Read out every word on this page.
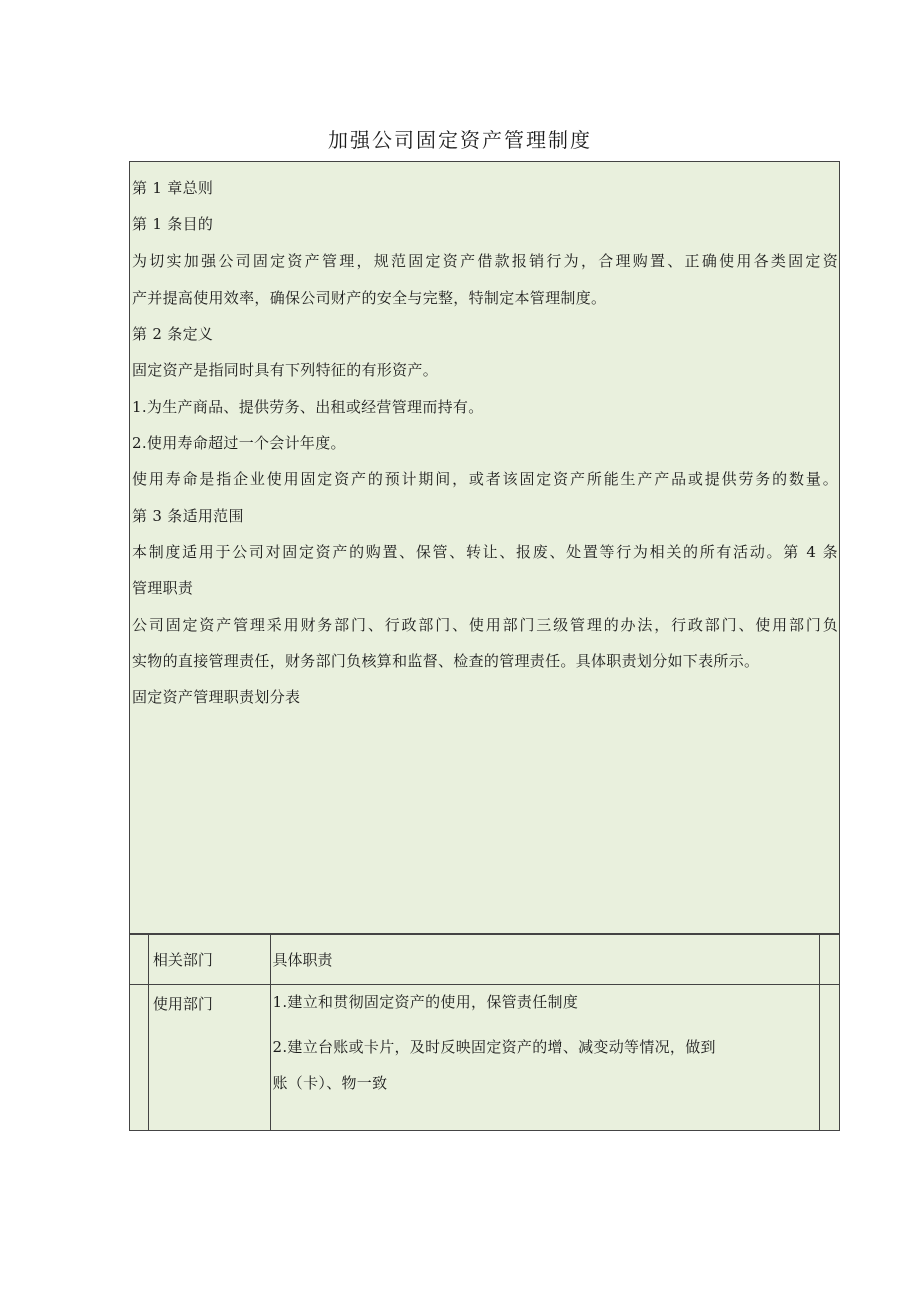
加强公司固定资产管理制度
第 1 章总则
第 1 条目的
为切实加强公司固定资产管理，规范固定资产借款报销行为，合理购置、正确使用各类固定资
产并提高使用效率，确保公司财产的安全与完整，特制定本管理制度。
第 2 条定义
固定资产是指同时具有下列特征的有形资产。
1.为生产商品、提供劳务、出租或经营管理而持有。
2.使用寿命超过一个会计年度。
使用寿命是指企业使用固定资产的预计期间，或者该固定资产所能生产产品或提供劳务的数量。
第 3 条适用范围
本制度适用于公司对固定资产的购置、保管、转让、报废、处置等行为相关的所有活动。第 4 条
管理职责
公司固定资产管理采用财务部门、行政部门、使用部门三级管理的办法，行政部门、使用部门负
实物的直接管理责任，财务部门负核算和监督、检查的管理责任。具体职责划分如下表所示。
固定资产管理职责划分表
	相关部门	具体职责	
	使用部门	1.建立和贯彻固定资产的使用，保管责任制度
2.建立台账或卡片，及时反映固定资产的增、减变动等情况，做到
账（卡）、物一致	
